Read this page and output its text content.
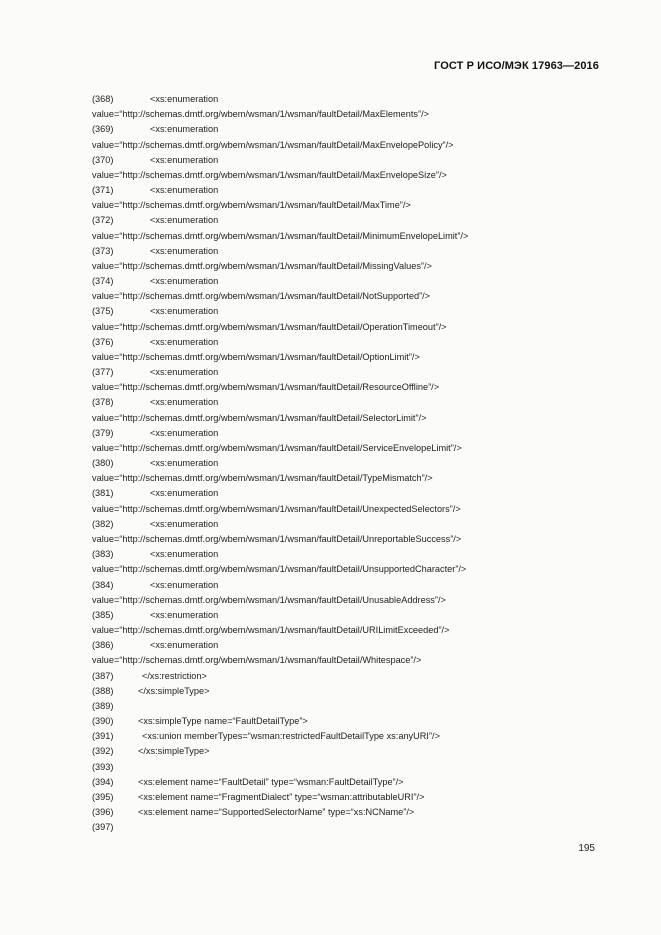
ГОСТ Р ИСО/МЭК 17963—2016
(368)	<xs:enumeration
value=“http://schemas.dmtf.org/wbem/wsman/1/wsman/faultDetail/MaxElements”/>
(369)	<xs:enumeration
value=“http://schemas.dmtf.org/wbem/wsman/1/wsman/faultDetail/MaxEnvelopePolicy”/>
(370)	<xs:enumeration
value=“http://schemas.dmtf.org/wbem/wsman/1/wsman/faultDetail/MaxEnvelopeSize”/>
(371)	<xs:enumeration
value=“http://schemas.dmtf.org/wbem/wsman/1/wsman/faultDetail/MaxTime”/>
(372)	<xs:enumeration
value=“http://schemas.dmtf.org/wbem/wsman/1/wsman/faultDetail/MinimumEnvelopeLimit”/>
(373)	<xs:enumeration
value=“http://schemas.dmtf.org/wbem/wsman/1/wsman/faultDetail/MissingValues”/>
(374)	<xs:enumeration
value=“http://schemas.dmtf.org/wbem/wsman/1/wsman/faultDetail/NotSupported”/>
(375)	<xs:enumeration
value=“http://schemas.dmtf.org/wbem/wsman/1/wsman/faultDetail/OperationTimeout”/>
(376)	<xs:enumeration
value=“http://schemas.dmtf.org/wbem/wsman/1/wsman/faultDetail/OptionLimit”/>
(377)	<xs:enumeration
value=“http://schemas.dmtf.org/wbem/wsman/1/wsman/faultDetail/ResourceOffline”/>
(378)	<xs:enumeration
value=“http://schemas.dmtf.org/wbem/wsman/1/wsman/faultDetail/SelectorLimit”/>
(379)	<xs:enumeration
value=“http://schemas.dmtf.org/wbem/wsman/1/wsman/faultDetail/ServiceEnvelopeLimit”/>
(380)	<xs:enumeration
value=“http://schemas.dmtf.org/wbem/wsman/1/wsman/faultDetail/TypeMismatch”/>
(381)	<xs:enumeration
value=“http://schemas.dmtf.org/wbem/wsman/1/wsman/faultDetail/UnexpectedSelectors”/>
(382)	<xs:enumeration
value=“http://schemas.dmtf.org/wbem/wsman/1/wsman/faultDetail/UnreportableSuccess”/>
(383)	<xs:enumeration
value=“http://schemas.dmtf.org/wbem/wsman/1/wsman/faultDetail/UnsupportedCharacter”/>
(384)	<xs:enumeration
value=“http://schemas.dmtf.org/wbem/wsman/1/wsman/faultDetail/UnusableAddress”/>
(385)	<xs:enumeration
value=“http://schemas.dmtf.org/wbem/wsman/1/wsman/faultDetail/URILimitExceeded”/>
(386)	<xs:enumeration
value=“http://schemas.dmtf.org/wbem/wsman/1/wsman/faultDetail/Whitespace”/>
(387)	</xs:restriction>
(388)	</xs:simpleType>
(389)
(390)	<xs:simpleType name=“FaultDetailType”>
(391)	<xs:union memberTypes=“wsman:restrictedFaultDetailType xs:anyURI”/>
(392)	</xs:simpleType>
(393)
(394)	<xs:element name=“FaultDetail” type=“wsman:FaultDetailType”/>
(395)	<xs:element name=“FragmentDialect” type=“wsman:attributableURI”/>
(396)	<xs:element name=“SupportedSelectorName” type=“xs:NCName”/>
(397)
195
